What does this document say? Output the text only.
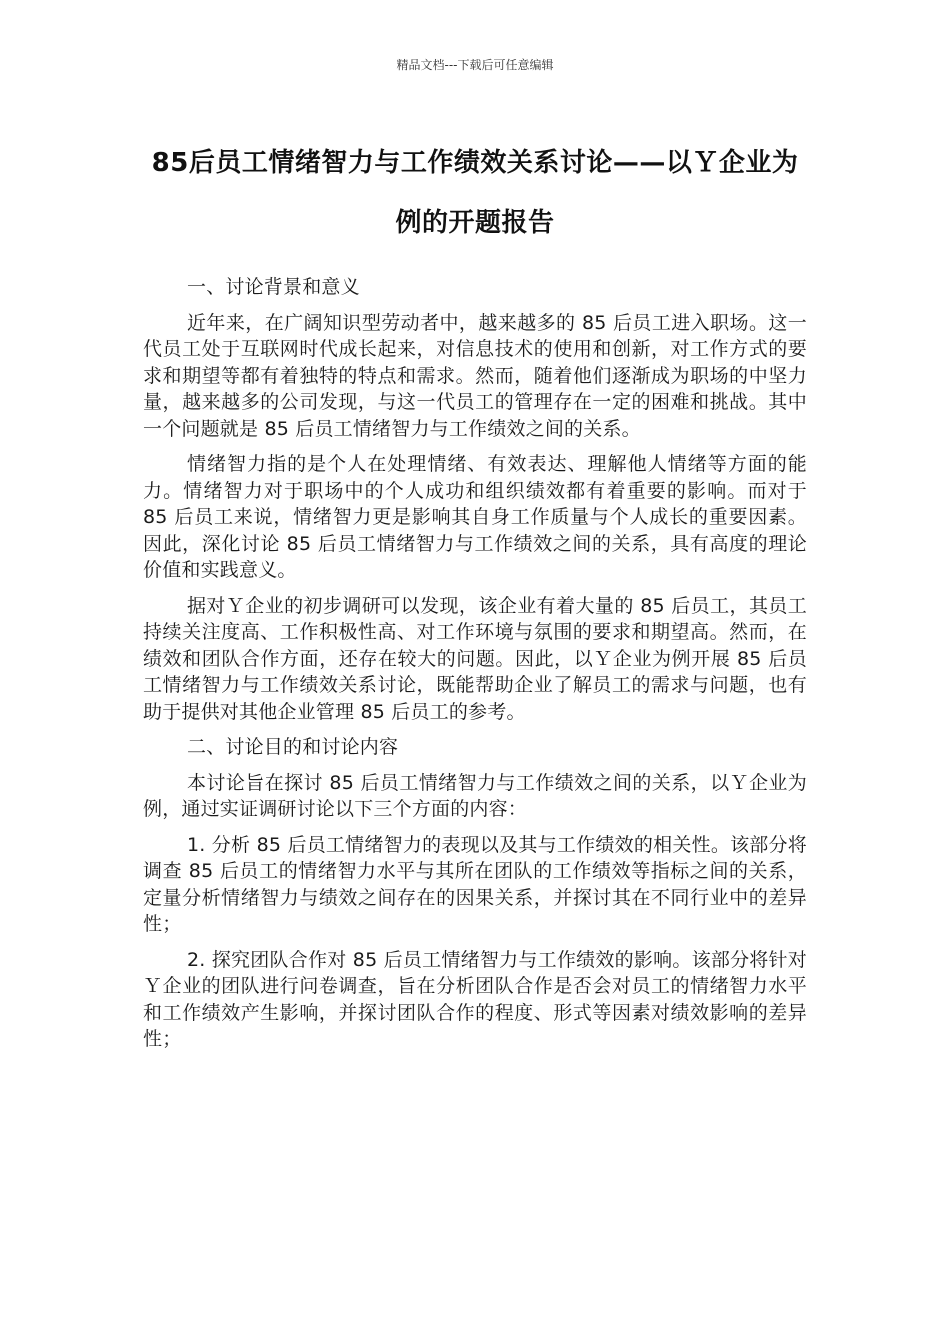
精品文档---下载后可任意编辑
85后员工情绪智力与工作绩效关系讨论——以Ｙ企业为例的开题报告

一、讨论背景和意义

近年来，在广阔知识型劳动者中，越来越多的 85 后员工进入职场。这一代员工处于互联网时代成长起来，对信息技术的使用和创新，对工作方式的要求和期望等都有着独特的特点和需求。然而，随着他们逐渐成为职场的中坚力量，越来越多的公司发现，与这一代员工的管理存在一定的困难和挑战。其中一个问题就是 85 后员工情绪智力与工作绩效之间的关系。

情绪智力指的是个人在处理情绪、有效表达、理解他人情绪等方面的能力。情绪智力对于职场中的个人成功和组织绩效都有着重要的影响。而对于 85 后员工来说，情绪智力更是影响其自身工作质量与个人成长的重要因素。因此，深化讨论 85 后员工情绪智力与工作绩效之间的关系，具有高度的理论价值和实践意义。

据对Ｙ企业的初步调研可以发现，该企业有着大量的 85 后员工，其员工持续关注度高、工作积极性高、对工作环境与氛围的要求和期望高。然而，在绩效和团队合作方面，还存在较大的问题。因此，以Ｙ企业为例开展 85 后员工情绪智力与工作绩效关系讨论，既能帮助企业了解员工的需求与问题，也有助于提供对其他企业管理 85 后员工的参考。

二、讨论目的和讨论内容

本讨论旨在探讨 85 后员工情绪智力与工作绩效之间的关系，以Ｙ企业为例，通过实证调研讨论以下三个方面的内容：

1. 分析 85 后员工情绪智力的表现以及其与工作绩效的相关性。该部分将调查 85 后员工的情绪智力水平与其所在团队的工作绩效等指标之间的关系，定量分析情绪智力与绩效之间存在的因果关系，并探讨其在不同行业中的差异性；

2. 探究团队合作对 85 后员工情绪智力与工作绩效的影响。该部分将针对Ｙ企业的团队进行问卷调查，旨在分析团队合作是否会对员工的情绪智力水平和工作绩效产生影响，并探讨团队合作的程度、形式等因素对绩效影响的差异性；
